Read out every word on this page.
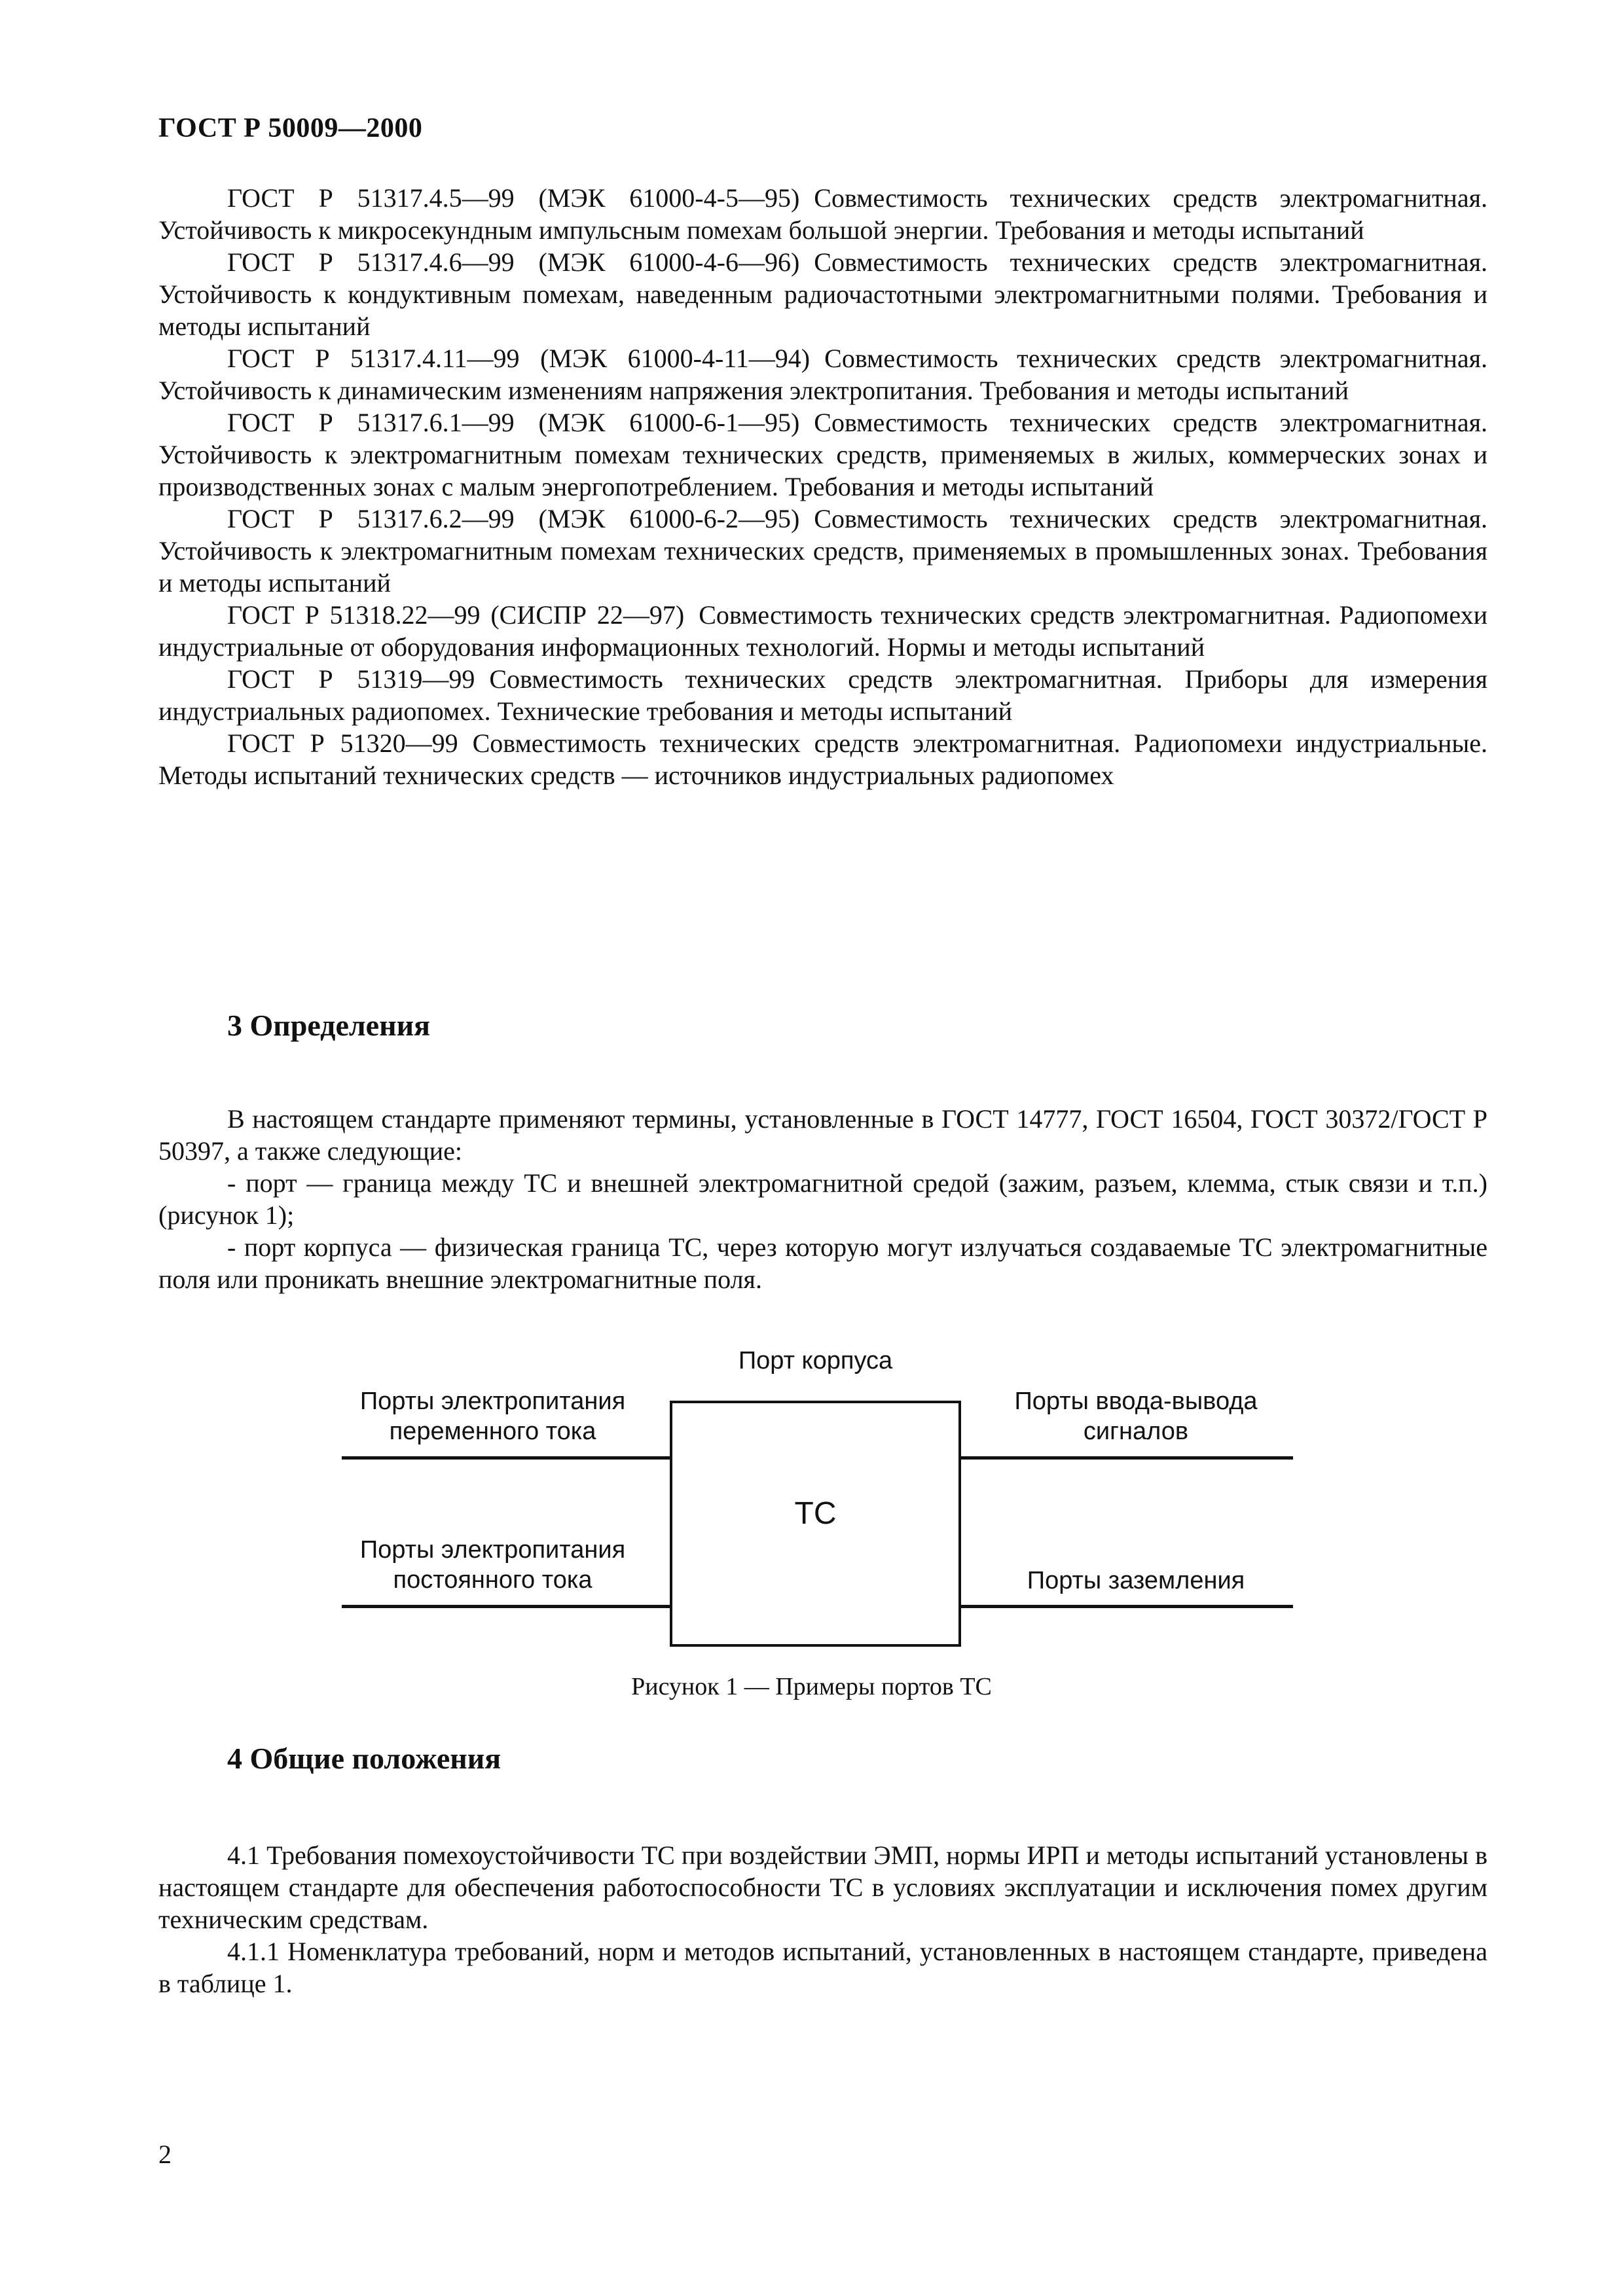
ГОСТ Р 50009—2000

ГОСТ Р 51317.4.5—99 (МЭК 61000-4-5—95) Совместимость технических средств электромагнитная. Устойчивость к микросекундным импульсным помехам большой энергии. Требования и методы испытаний

ГОСТ Р 51317.4.6—99 (МЭК 61000-4-6—96) Совместимость технических средств электромагнитная. Устойчивость к кондуктивным помехам, наведенным радиочастотными электромагнитными полями. Требования и методы испытаний

ГОСТ Р 51317.4.11—99 (МЭК 61000-4-11—94) Совместимость технических средств электромагнитная. Устойчивость к динамическим изменениям напряжения электропитания. Требования и методы испытаний

ГОСТ Р 51317.6.1—99 (МЭК 61000-6-1—95) Совместимость технических средств электромагнитная. Устойчивость к электромагнитным помехам технических средств, применяемых в жилых, коммерческих зонах и производственных зонах с малым энергопотреблением. Требования и методы испытаний

ГОСТ Р 51317.6.2—99 (МЭК 61000-6-2—95) Совместимость технических средств электромагнитная. Устойчивость к электромагнитным помехам технических средств, применяемых в промышленных зонах. Требования и методы испытаний

ГОСТ Р 51318.22—99 (СИСПР 22—97) Совместимость технических средств электромагнитная. Радиопомехи индустриальные от оборудования информационных технологий. Нормы и методы испытаний

ГОСТ Р 51319—99 Совместимость технических средств электромагнитная. Приборы для измерения индустриальных радиопомех. Технические требования и методы испытаний

ГОСТ Р 51320—99 Совместимость технических средств электромагнитная. Радиопомехи индустриальные. Методы испытаний технических средств — источников индустриальных радиопомех

3 Определения

В настоящем стандарте применяют термины, установленные в ГОСТ 14777, ГОСТ 16504, ГОСТ 30372/ГОСТ Р 50397, а также следующие:

- порт — граница между ТС и внешней электромагнитной средой (зажим, разъем, клемма, стык связи и т.п.) (рисунок 1);

- порт корпуса — физическая граница ТС, через которую могут излучаться создаваемые ТС электромагнитные поля или проникать внешние электромагнитные поля.

Порт корпуса
Порты электропитания
переменного тока
Порты электропитания
постоянного тока
ТС
Порты ввода-вывода
сигналов
Порты заземления
Рисунок 1 — Примеры портов ТС
4 Общие положения

4.1 Требования помехоустойчивости ТС при воздействии ЭМП, нормы ИРП и методы испытаний установлены в настоящем стандарте для обеспечения работоспособности ТС в условиях эксплуатации и исключения помех другим техническим средствам.

4.1.1 Номенклатура требований, норм и методов испытаний, установленных в настоящем стандарте, приведена в таблице 1.

2
